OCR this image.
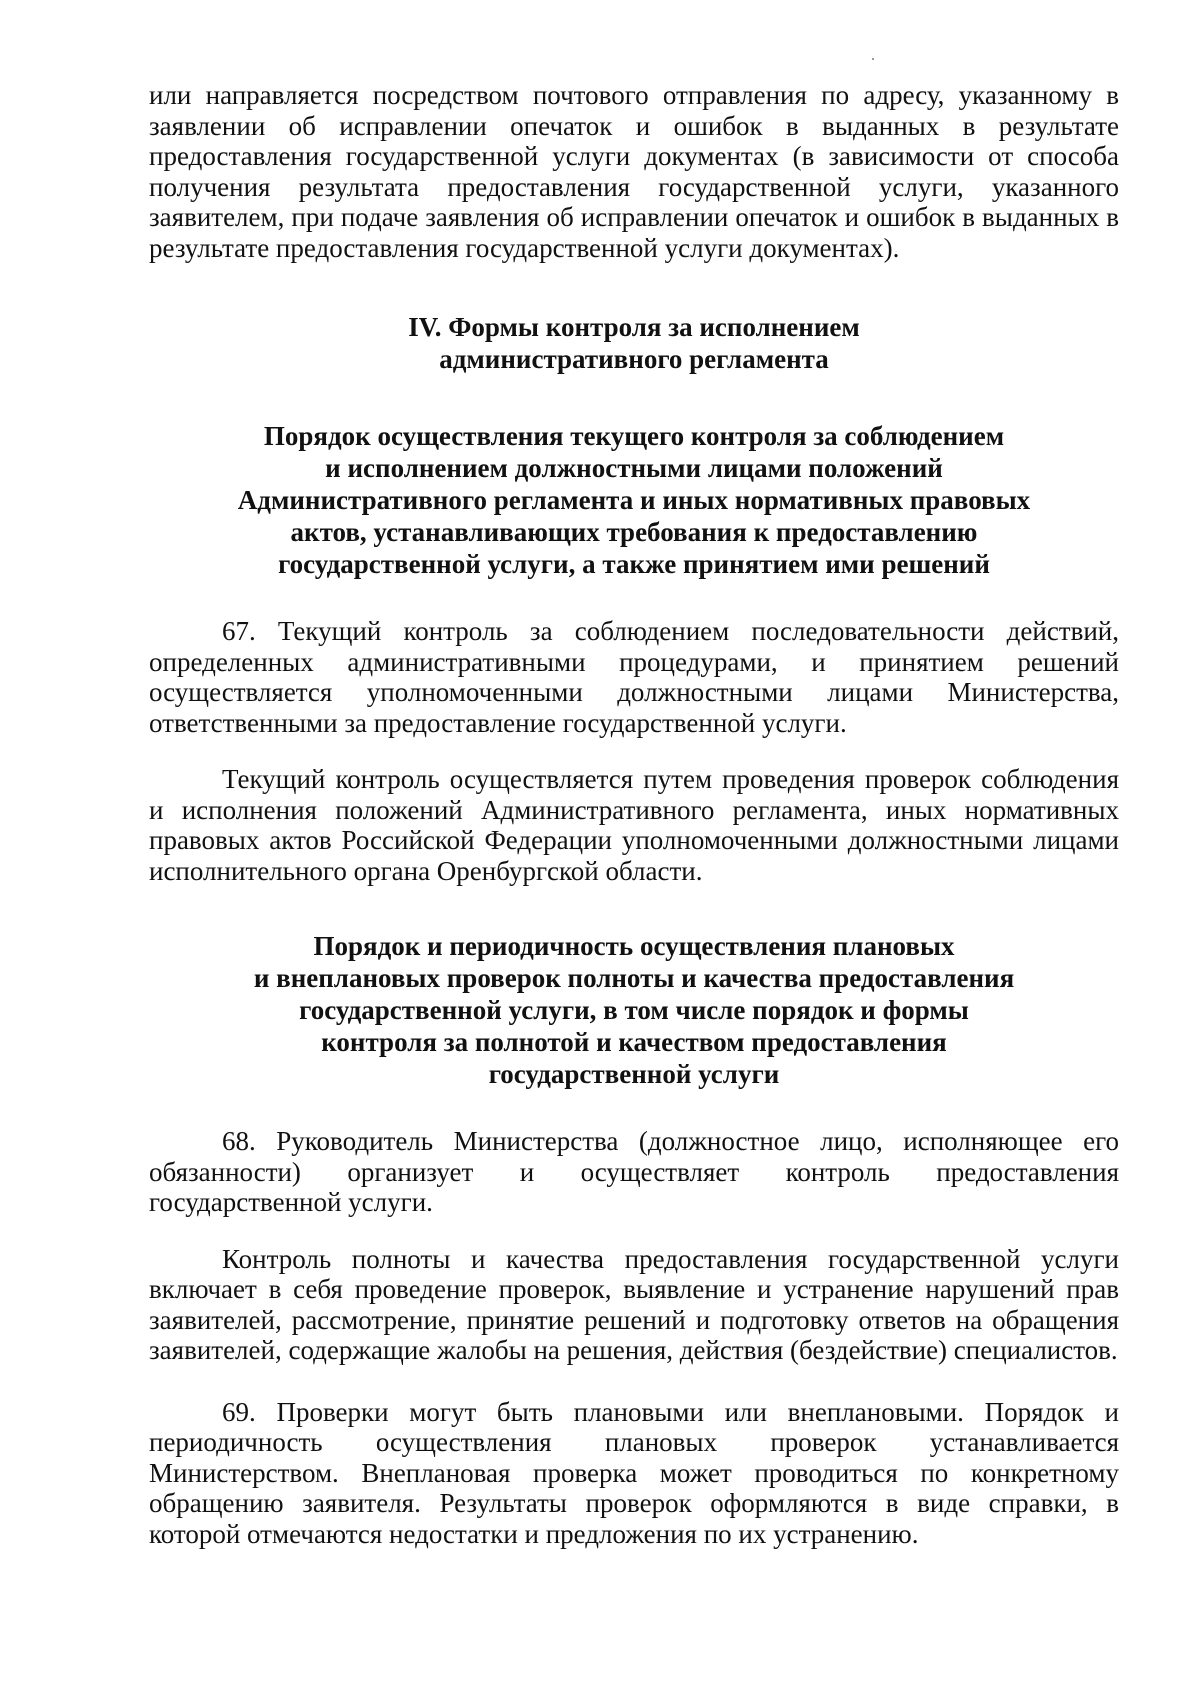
или направляется посредством почтового отправления по адресу, указанному в заявлении об исправлении опечаток и ошибок в выданных в результате предоставления государственной услуги документах (в зависимости от способа получения результата предоставления государственной услуги, указанного заявителем, при подаче заявления об исправлении опечаток и ошибок в выданных в результате предоставления государственной услуги документах).

IV. Формы контроля за исполнением
административного регламента
Порядок осуществления текущего контроля за соблюдением
и исполнением должностными лицами положений
Административного регламента и иных нормативных правовых
актов, устанавливающих требования к предоставлению
государственной услуги, а также принятием ими решений

67. Текущий контроль за соблюдением последовательности действий, определенных административными процедурами, и принятием решений осуществляется уполномоченными должностными лицами Министерства, ответственными за предоставление государственной услуги.

Текущий контроль осуществляется путем проведения проверок соблюдения и исполнения положений Административного регламента, иных нормативных правовых актов Российской Федерации уполномоченными должностными лицами исполнительного органа Оренбургской области.

Порядок и периодичность осуществления плановых
и внеплановых проверок полноты и качества предоставления
государственной услуги, в том числе порядок и формы
контроля за полнотой и качеством предоставления
государственной услуги

68. Руководитель Министерства (должностное лицо, исполняющее его обязанности) организует и осуществляет контроль предоставления государственной услуги.

Контроль полноты и качества предоставления государственной услуги включает в себя проведение проверок, выявление и устранение нарушений прав заявителей, рассмотрение, принятие решений и подготовку ответов на обращения заявителей, содержащие жалобы на решения, действия (бездействие) специалистов.

69. Проверки могут быть плановыми или внеплановыми. Порядок и периодичность осуществления плановых проверок устанавливается Министерством. Внеплановая проверка может проводиться по конкретному обращению заявителя. Результаты проверок оформляются в виде справки, в которой отмечаются недостатки и предложения по их устранению.
